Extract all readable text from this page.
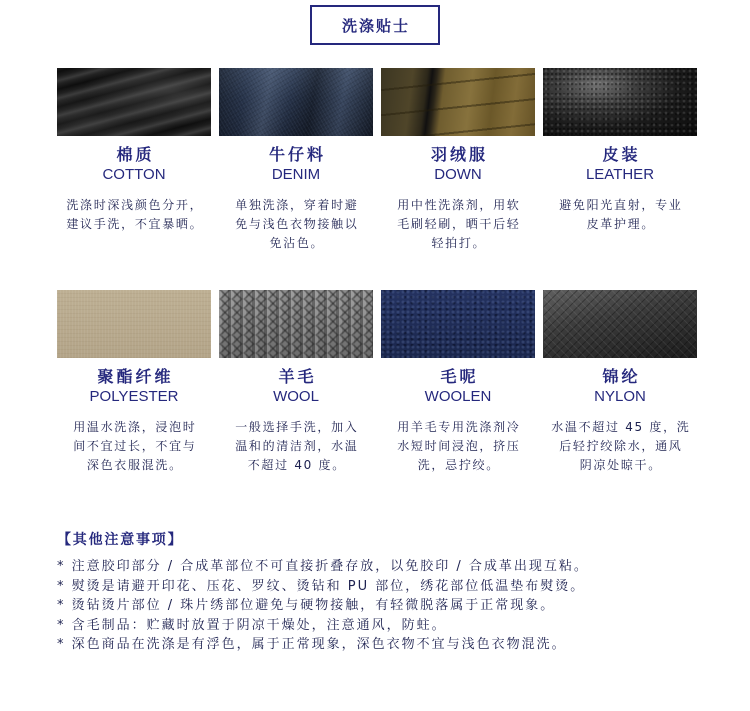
洗涤贴士
棉质
COTTON
洗涤时深浅颜色分开，
建议手洗，不宜暴晒。
牛仔料
DENIM
单独洗涤，穿着时避
免与浅色衣物接触以
免沾色。
羽绒服
DOWN
用中性洗涤剂，用软
毛刷轻刷，晒干后轻
轻拍打。
皮装
LEATHER
避免阳光直射，专业
皮革护理。
聚酯纤维
POLYESTER
用温水洗涤，浸泡时
间不宜过长，不宜与
深色衣服混洗。
羊毛
WOOL
一般选择手洗，加入
温和的清洁剂，水温
不超过 40 度。
毛呢
WOOLEN
用羊毛专用洗涤剂冷
水短时间浸泡，挤压
洗，忌拧绞。
锦纶
NYLON
水温不超过 45 度，洗
后轻拧绞除水，通风
阴凉处晾干。
【其他注意事项】
* 注意胶印部分 / 合成革部位不可直接折叠存放，以免胶印 / 合成革出现互粘。
* 熨烫是请避开印花、压花、罗纹、烫钻和 PU 部位，绣花部位低温垫布熨烫。
* 烫钻烫片部位 / 珠片绣部位避免与硬物接触，有轻微脱落属于正常现象。
* 含毛制品：贮藏时放置于阴凉干燥处，注意通风，防蛀。
* 深色商品在洗涤是有浮色，属于正常现象，深色衣物不宜与浅色衣物混洗。
